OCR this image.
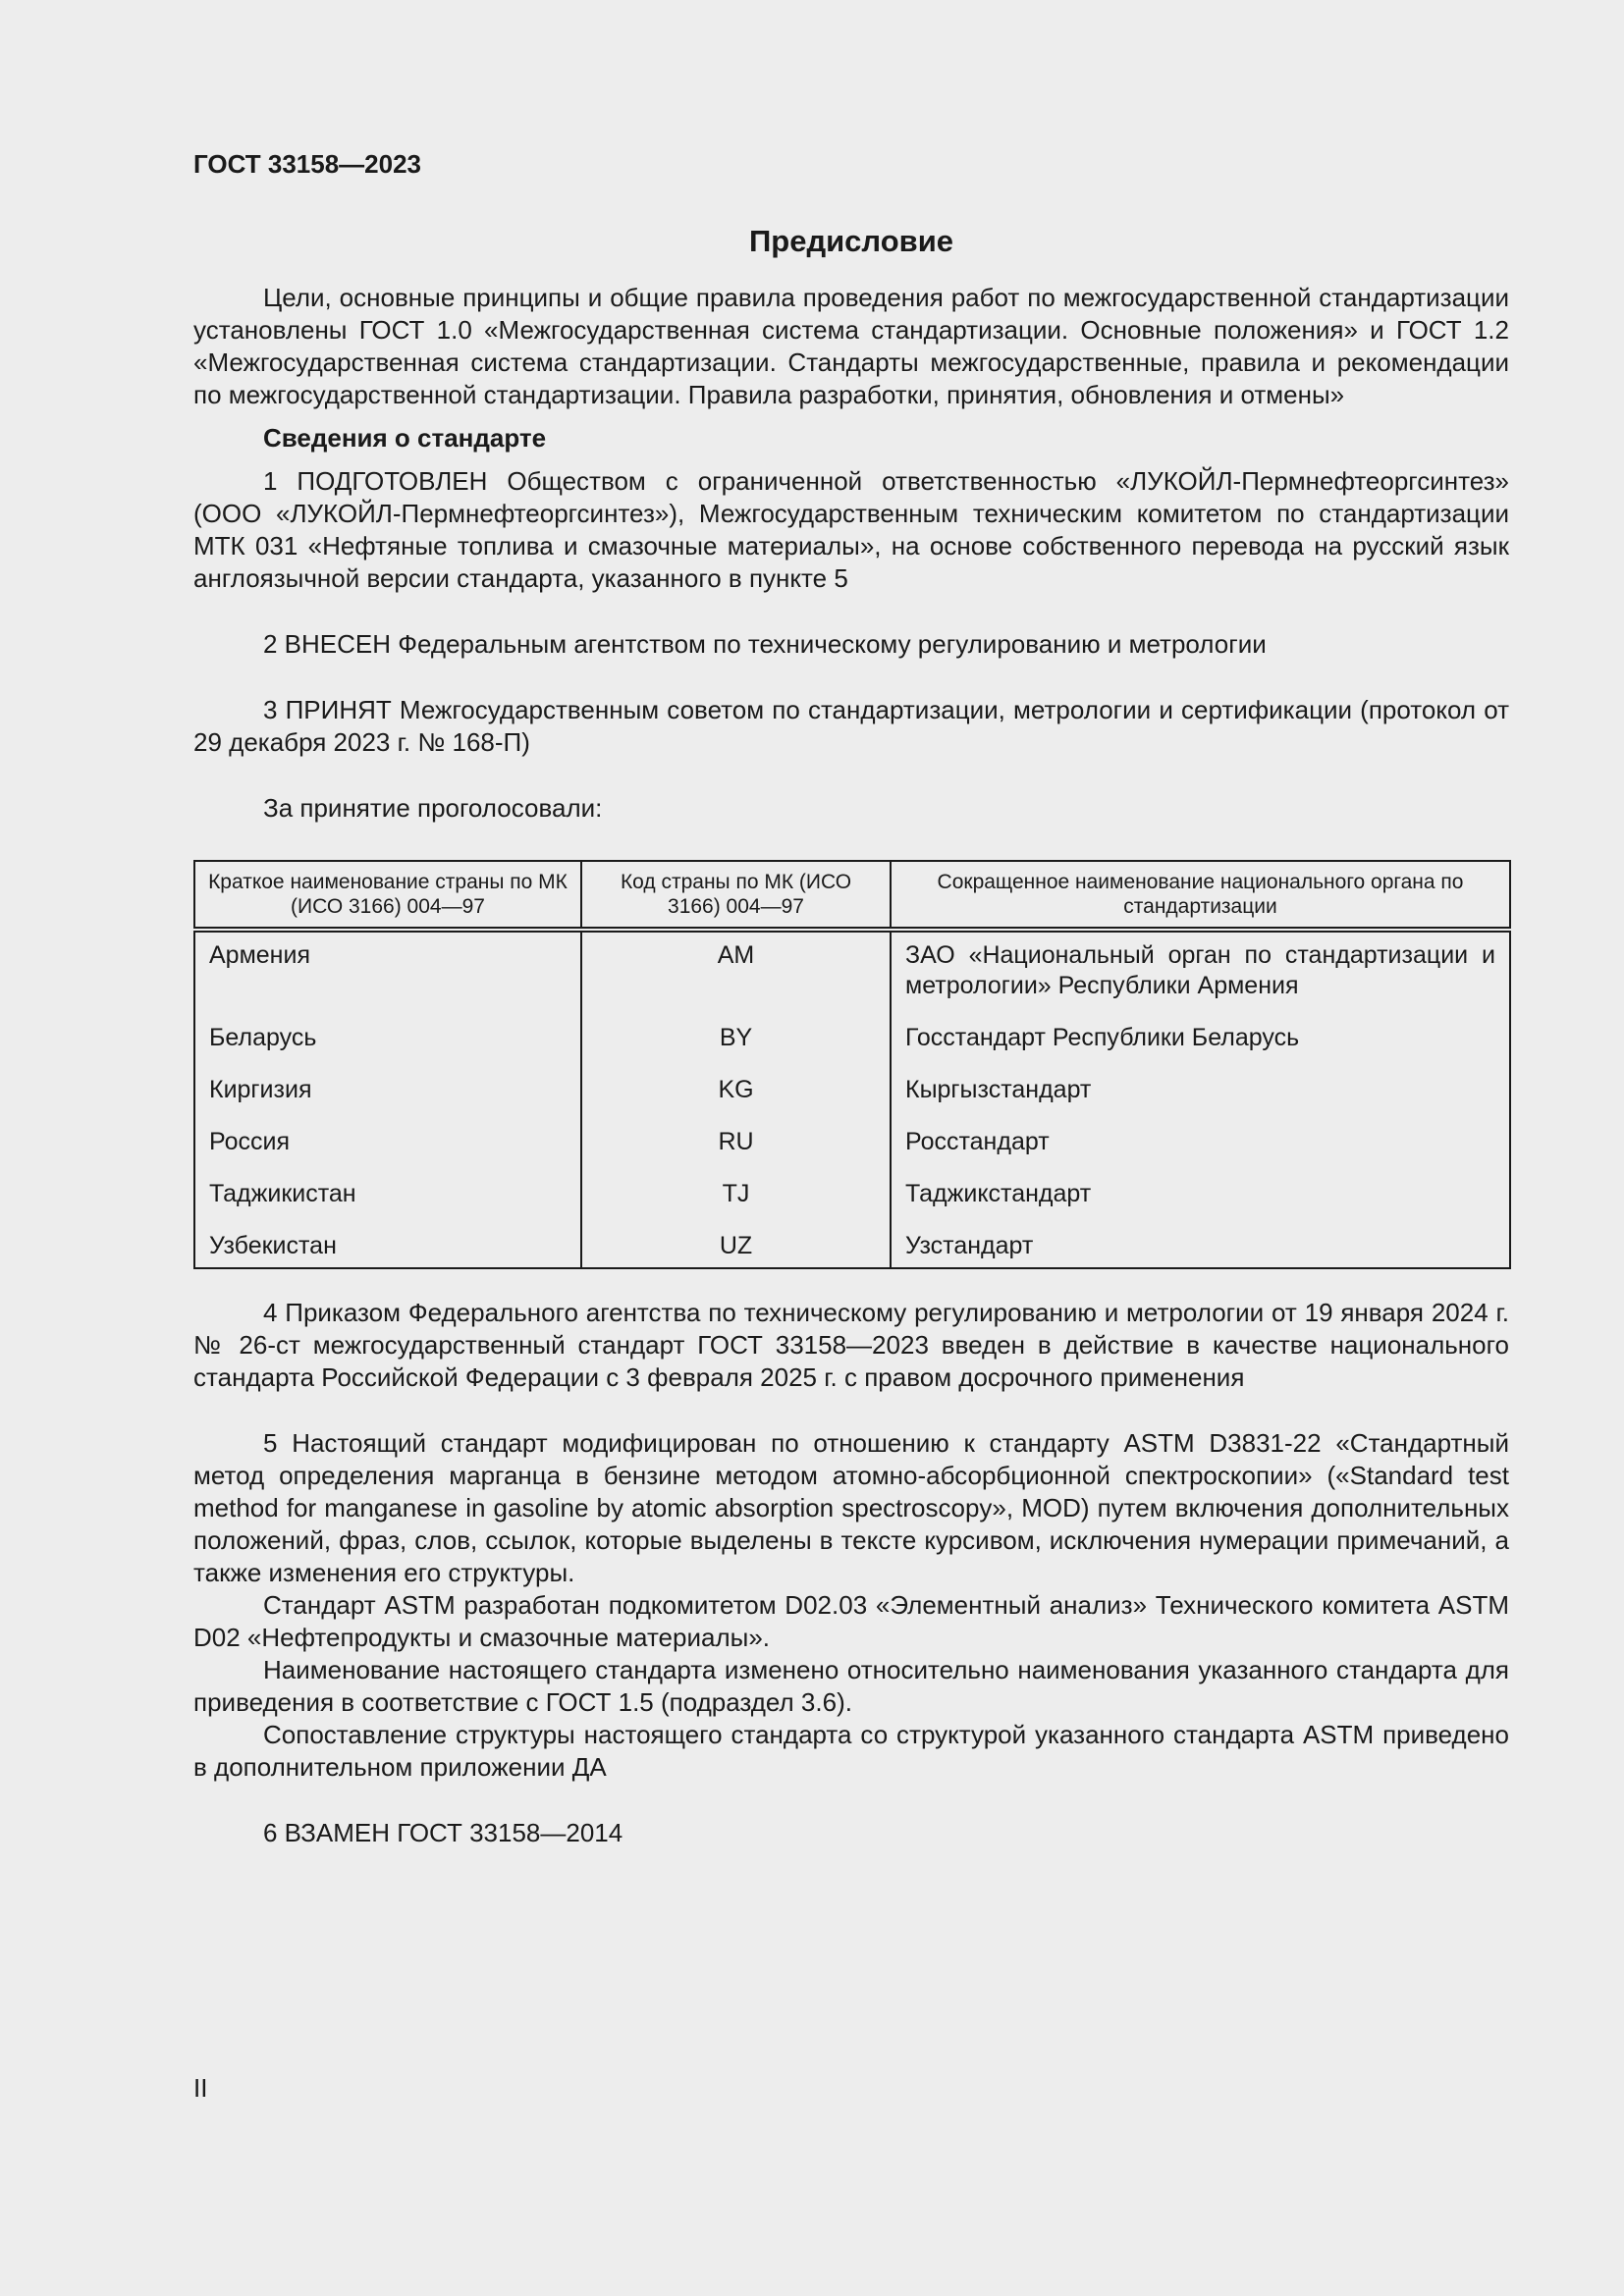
ГОСТ 33158—2023
Предисловие

Цели, основные принципы и общие правила проведения работ по межгосударственной стандартизации установлены ГОСТ 1.0 «Межгосударственная система стандартизации. Основные положения» и ГОСТ 1.2 «Межгосударственная система стандартизации. Стандарты межгосударственные, правила и рекомендации по межгосударственной стандартизации. Правила разработки, принятия, обновления и отмены»

Сведения о стандарте

1 ПОДГОТОВЛЕН Обществом с ограниченной ответственностью «ЛУКОЙЛ-Пермнефтеоргсинтез» (ООО «ЛУКОЙЛ-Пермнефтеоргсинтез»), Межгосударственным техническим комитетом по стандартизации МТК 031 «Нефтяные топлива и смазочные материалы», на основе собственного перевода на русский язык англоязычной версии стандарта, указанного в пункте 5

2 ВНЕСЕН Федеральным агентством по техническому регулированию и метрологии

3 ПРИНЯТ Межгосударственным советом по стандартизации, метрологии и сертификации (протокол от 29 декабря 2023 г. № 168-П)

За принятие проголосовали:

Краткое наименование страны по МК (ИСО 3166) 004—97	Код страны по МК (ИСО 3166) 004—97	Сокращенное наименование национального органа по стандартизации
Армения	AM	ЗАО «Национальный орган по стандартизации и метрологии» Республики Армения
Беларусь	BY	Госстандарт Республики Беларусь
Киргизия	KG	Кыргызстандарт
Россия	RU	Росстандарт
Таджикистан	TJ	Таджикстандарт
Узбекистан	UZ	Узстандарт

4 Приказом Федерального агентства по техническому регулированию и метрологии от 19 января 2024 г. № 26-ст межгосударственный стандарт ГОСТ 33158—2023 введен в действие в качестве национального стандарта Российской Федерации с 3 февраля 2025 г. с правом досрочного применения

5 Настоящий стандарт модифицирован по отношению к стандарту ASTM D3831-22 «Стандартный метод определения марганца в бензине методом атомно-абсорбционной спектроскопии» («Standard test method for manganese in gasoline by atomic absorption spectroscopy», MOD) путем включения дополнительных положений, фраз, слов, ссылок, которые выделены в тексте курсивом, исключения нумерации примечаний, а также изменения его структуры.

Стандарт ASTM разработан подкомитетом D02.03 «Элементный анализ» Технического комитета ASTM D02 «Нефтепродукты и смазочные материалы».

Наименование настоящего стандарта изменено относительно наименования указанного стандарта для приведения в соответствие с ГОСТ 1.5 (подраздел 3.6).

Сопоставление структуры настоящего стандарта со структурой указанного стандарта ASTM приведено в дополнительном приложении ДА

6 ВЗАМЕН ГОСТ 33158—2014

II
